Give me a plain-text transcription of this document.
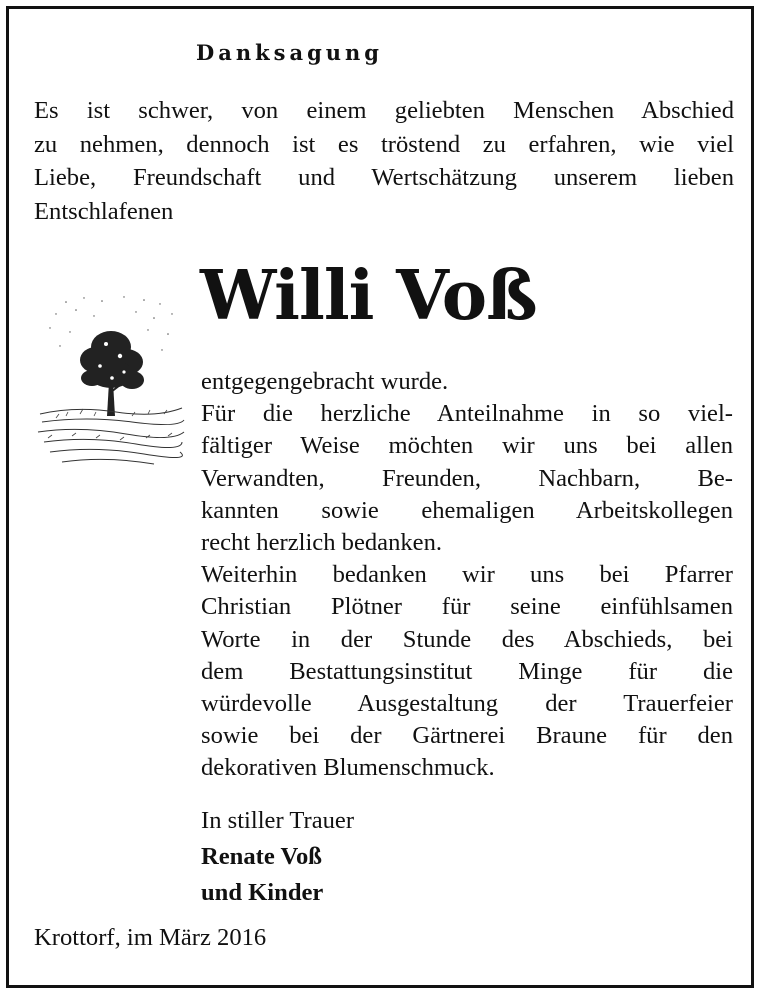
Danksagung
Es ist schwer, von einem geliebten Menschen Abschied
zu nehmen, dennoch ist es tröstend zu erfahren, wie viel
Liebe, Freundschaft und Wertschätzung unserem lieben
Entschlafenen
Willi Voß
entgegengebracht wurde.
Für die herzliche Anteilnahme in so viel-
fältiger Weise möchten wir uns bei allen
Verwandten, Freunden, Nachbarn, Be-
kannten sowie ehemaligen Arbeitskollegen
recht herzlich bedanken.
Weiterhin bedanken wir uns bei Pfarrer
Christian Plötner für seine einfühlsamen
Worte in der Stunde des Abschieds, bei
dem Bestattungsinstitut Minge für die
würdevolle Ausgestaltung der Trauerfeier
sowie bei der Gärtnerei Braune für den
dekorativen Blumenschmuck.
In stiller Trauer
Renate Voß
und Kinder
Krottorf, im März 2016
